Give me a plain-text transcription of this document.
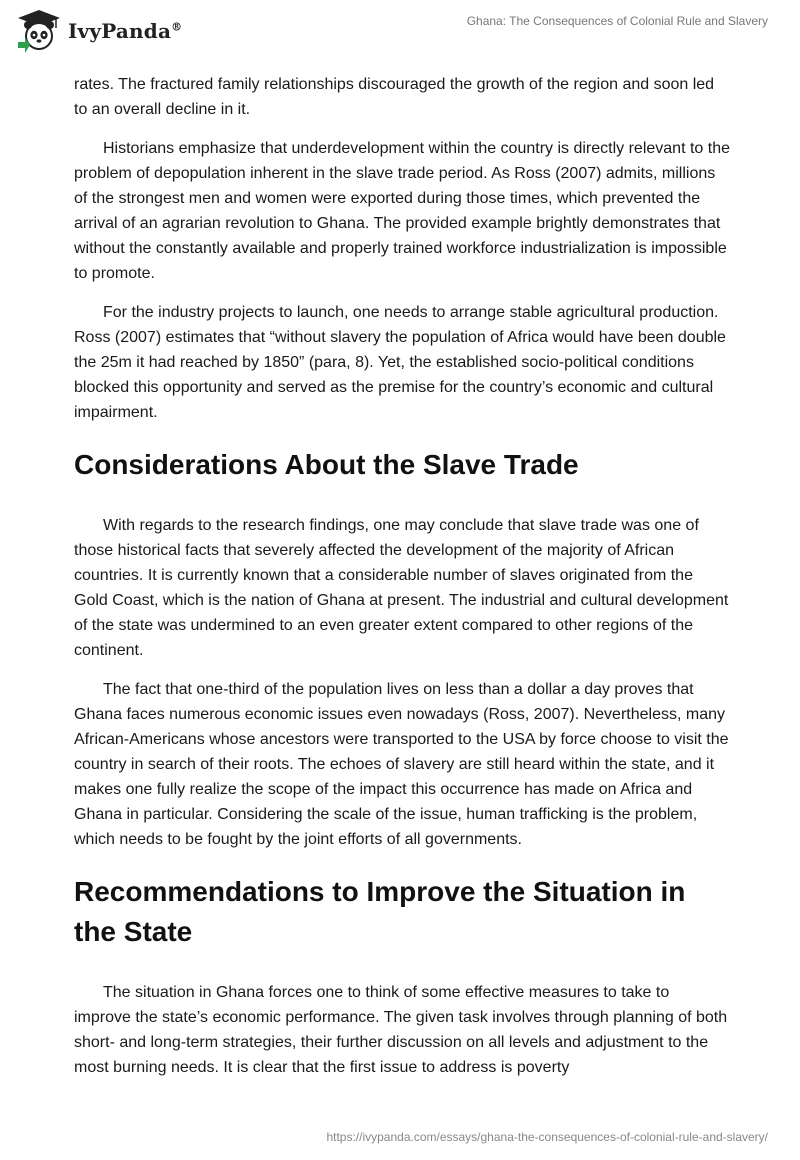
IvyPanda®	Ghana: The Consequences of Colonial Rule and Slavery

rates. The fractured family relationships discouraged the growth of the region and soon led to an overall decline in it.

Historians emphasize that underdevelopment within the country is directly relevant to the problem of depopulation inherent in the slave trade period. As Ross (2007) admits, millions of the strongest men and women were exported during those times, which prevented the arrival of an agrarian revolution to Ghana. The provided example brightly demonstrates that without the constantly available and properly trained workforce industrialization is impossible to promote.

For the industry projects to launch, one needs to arrange stable agricultural production. Ross (2007) estimates that “without slavery the population of Africa would have been double the 25m it had reached by 1850” (para, 8). Yet, the established socio-political conditions blocked this opportunity and served as the premise for the country’s economic and cultural impairment.

Considerations About the Slave Trade

With regards to the research findings, one may conclude that slave trade was one of those historical facts that severely affected the development of the majority of African countries. It is currently known that a considerable number of slaves originated from the Gold Coast, which is the nation of Ghana at present. The industrial and cultural development of the state was undermined to an even greater extent compared to other regions of the continent.

The fact that one-third of the population lives on less than a dollar a day proves that Ghana faces numerous economic issues even nowadays (Ross, 2007). Nevertheless, many African-Americans whose ancestors were transported to the USA by force choose to visit the country in search of their roots. The echoes of slavery are still heard within the state, and it makes one fully realize the scope of the impact this occurrence has made on Africa and Ghana in particular. Considering the scale of the issue, human trafficking is the problem, which needs to be fought by the joint efforts of all governments.

Recommendations to Improve the Situation in the State

The situation in Ghana forces one to think of some effective measures to take to improve the state’s economic performance. The given task involves through planning of both short- and long-term strategies, their further discussion on all levels and adjustment to the most burning needs. It is clear that the first issue to address is poverty

https://ivypanda.com/essays/ghana-the-consequences-of-colonial-rule-and-slavery/
